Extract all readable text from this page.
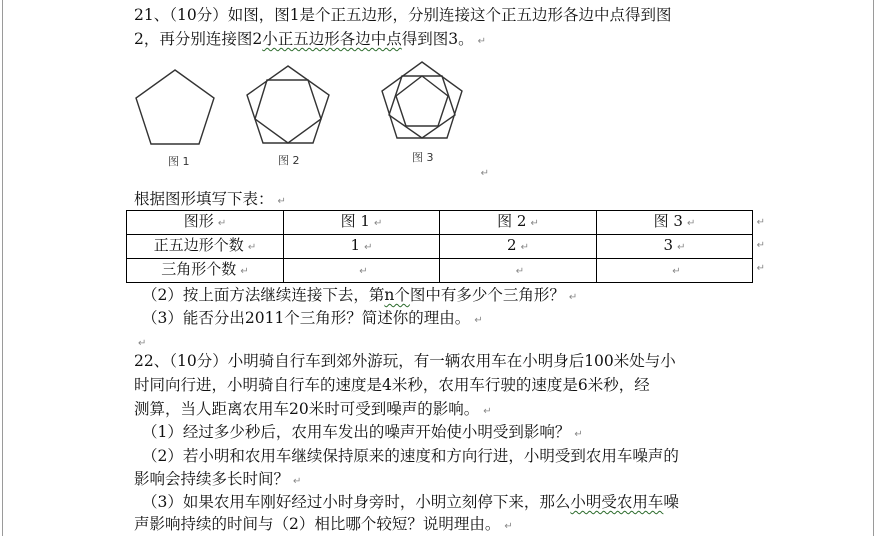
21、（10分）如图，图1是个正五边形，分别连接这个正五边形各边中点得到图
2，再分别连接图2小正五边形各边中点得到图3。 ↵
图 1	图 2	图 3
↵
根据图形填写下表： ↵
图形 ↵	图 1 ↵	图 2 ↵	图 3 ↵
正五边形个数 ↵	1 ↵	2 ↵	3 ↵
三角形个数 ↵	↵	↵	↵
↵
↵
↵
（2）按上面方法继续连接下去，第n个图中有多少个三角形？ ↵
（3）能否分出2011个三角形？简述你的理由。 ↵
↵
22、（10分）小明骑自行车到郊外游玩，有一辆农用车在小明身后100米处与小
时同向行进，小明骑自行车的速度是4米秒，农用车行驶的速度是6米秒，经
测算，当人距离农用车20米时可受到噪声的影响。 ↵
（1）经过多少秒后，农用车发出的噪声开始使小明受到影响？ ↵
（2）若小明和农用车继续保持原来的速度和方向行进，小明受到农用车噪声的
影响会持续多长时间？ ↵
（3）如果农用车刚好经过小时身旁时，小明立刻停下来，那么小明受农用车噪
声影响持续的时间与（2）相比哪个较短？说明理由。 ↵
